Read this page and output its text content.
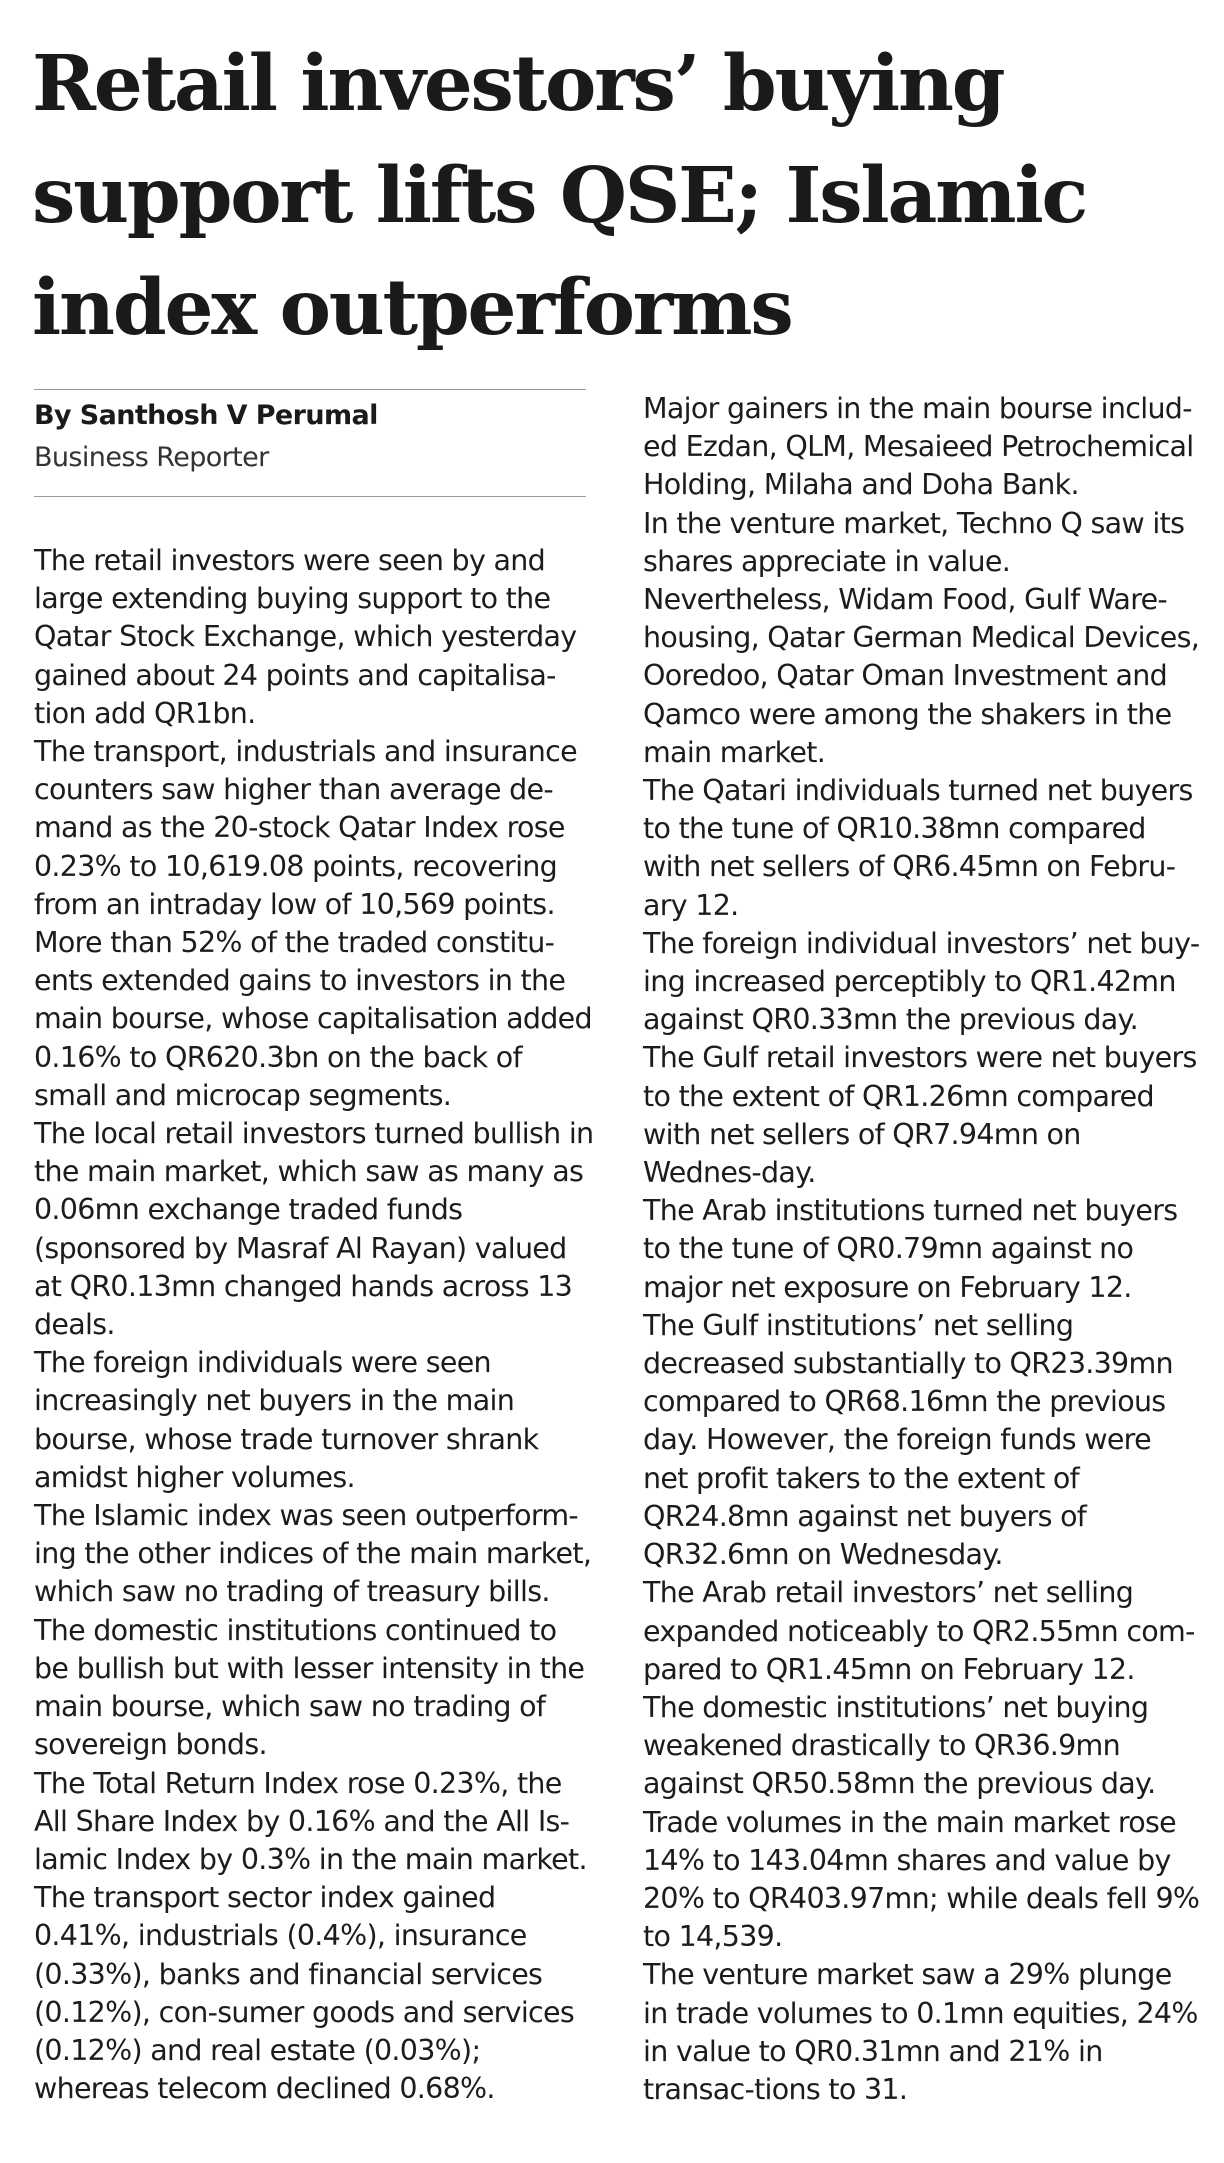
Retail investors’ buying support lifts QSE; Islamic index outperforms
By Santhosh V Perumal
Business Reporter

The retail investors were seen by and large extending buying support to the Qatar Stock Exchange, which yesterday gained about 24 points and capitalisa-tion add QR1bn.

The transport, industrials and insurance counters saw higher than average de-mand as the 20-stock Qatar Index rose 0.23% to 10,619.08 points, recovering from an intraday low of 10,569 points.

More than 52% of the traded constitu-ents extended gains to investors in the main bourse, whose capitalisation added 0.16% to QR620.3bn on the back of small and microcap segments.

The local retail investors turned bullish in the main market, which saw as many as 0.06mn exchange traded funds (sponsored by Masraf Al Rayan) valued at QR0.13mn changed hands across 13 deals.

The foreign individuals were seen increasingly net buyers in the main bourse, whose trade turnover shrank amidst higher volumes.

The Islamic index was seen outperform-ing the other indices of the main market, which saw no trading of treasury bills.

The domestic institutions continued to be bullish but with lesser intensity in the main bourse, which saw no trading of sovereign bonds.

The Total Return Index rose 0.23%, the All Share Index by 0.16% and the All Is-lamic Index by 0.3% in the main market.

The transport sector index gained 0.41%, industrials (0.4%), insurance (0.33%), banks and financial services (0.12%), con-sumer goods and services (0.12%) and real estate (0.03%); whereas telecom declined 0.68%.

Major gainers in the main bourse includ-ed Ezdan, QLM, Mesaieed Petrochemical Holding, Milaha and Doha Bank.

In the venture market, Techno Q saw its shares appreciate in value.

Nevertheless, Widam Food, Gulf Ware-housing, Qatar German Medical Devices, Ooredoo, Qatar Oman Investment and Qamco were among the shakers in the main market.

The Qatari individuals turned net buyers to the tune of QR10.38mn compared with net sellers of QR6.45mn on Febru-ary 12.

The foreign individual investors’ net buy-ing increased perceptibly to QR1.42mn against QR0.33mn the previous day.

The Gulf retail investors were net buyers to the extent of QR1.26mn compared with net sellers of QR7.94mn on Wednes-day.

The Arab institutions turned net buyers to the tune of QR0.79mn against no major net exposure on February 12.

The Gulf institutions’ net selling decreased substantially to QR23.39mn compared to QR68.16mn the previous day. However, the foreign funds were net profit takers to the extent of QR24.8mn against net buyers of QR32.6mn on Wednesday.

The Arab retail investors’ net selling expanded noticeably to QR2.55mn com-pared to QR1.45mn on February 12.

The domestic institutions’ net buying weakened drastically to QR36.9mn against QR50.58mn the previous day.

Trade volumes in the main market rose 14% to 143.04mn shares and value by 20% to QR403.97mn; while deals fell 9% to 14,539.

The venture market saw a 29% plunge in trade volumes to 0.1mn equities, 24% in value to QR0.31mn and 21% in transac-tions to 31.
